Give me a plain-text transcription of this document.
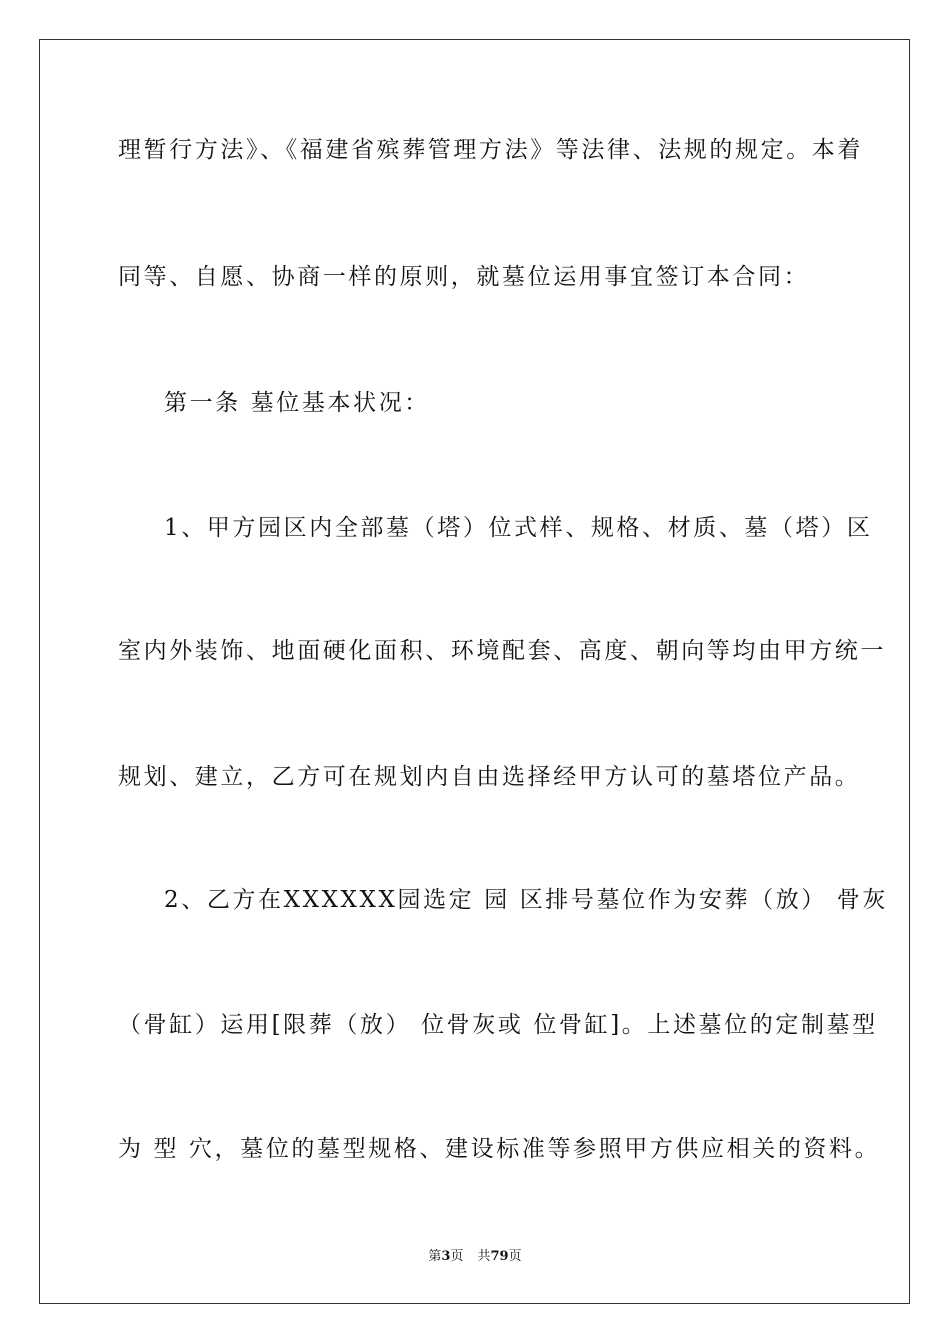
理暂行方法》、《福建省殡葬管理方法》等法律、法规的规定。本着
同等、自愿、协商一样的原则，就墓位运用事宜签订本合同：
第一条 墓位基本状况：
1、甲方园区内全部墓（塔）位式样、规格、材质、墓（塔）区
室内外装饰、地面硬化面积、环境配套、高度、朝向等均由甲方统一
规划、建立，乙方可在规划内自由选择经甲方认可的墓塔位产品。
2、乙方在XXXXXX园选定 园 区排号墓位作为安葬（放） 骨灰
（骨缸）运用[限葬（放） 位骨灰或 位骨缸]。上述墓位的定制墓型
为 型 穴，墓位的墓型规格、建设标准等参照甲方供应相关的资料。
第3页 共79页
